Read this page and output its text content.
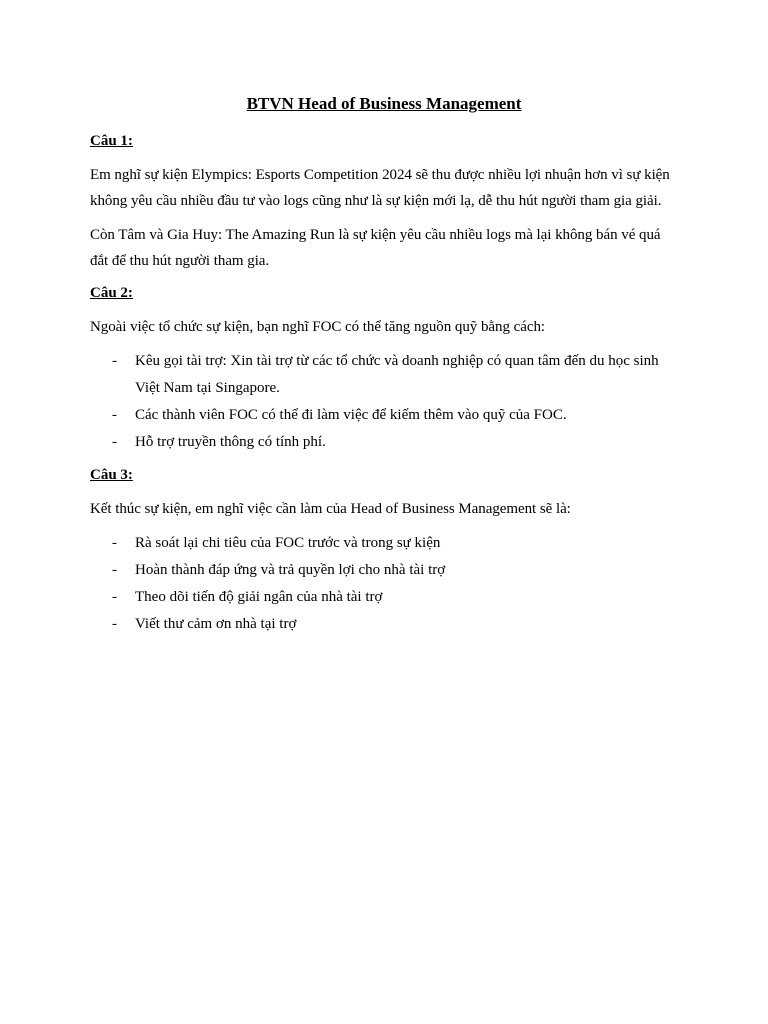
BTVN Head of Business Management
Câu 1:

Em nghĩ sự kiện Elympics: Esports Competition 2024 sẽ thu được nhiều lợi nhuận hơn vì sự kiện không yêu cầu nhiều đầu tư vào logs cũng như là sự kiện mới lạ, dễ thu hút người tham gia giải.

Còn Tâm và Gia Huy: The Amazing Run là sự kiện yêu cầu nhiều logs mà lại không bán vé quá đắt để thu hút người tham gia.

Câu 2:

Ngoài việc tổ chức sự kiện, bạn nghĩ FOC có thể tăng nguồn quỹ bằng cách:

- Kêu gọi tài trợ: Xin tài trợ từ các tổ chức và doanh nghiệp có quan tâm đến du học sinh Việt Nam tại Singapore.
- Các thành viên FOC có thể đi làm việc để kiếm thêm vào quỹ của FOC.
- Hỗ trợ truyền thông có tính phí.
Câu 3:

Kết thúc sự kiện, em nghĩ việc cần làm của Head of Business Management sẽ là:

- Rà soát lại chi tiêu của FOC trước và trong sự kiện
- Hoàn thành đáp ứng và trả quyền lợi cho nhà tài trợ
- Theo dõi tiến độ giải ngân của nhà tài trợ
- Viết thư cảm ơn nhà tại trợ
